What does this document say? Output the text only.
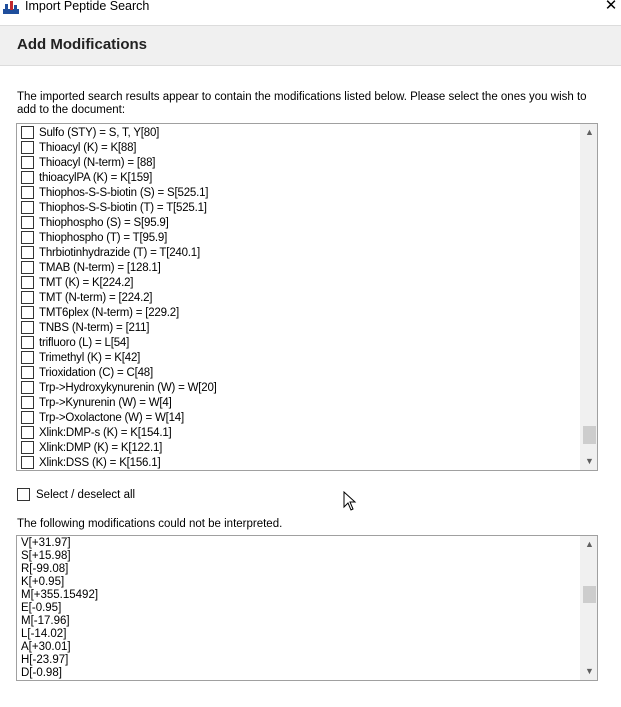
Import Peptide Search	✕
Add Modifications
The imported search results appear to contain the modifications listed below. Please select the ones you wish to add to the document:
Sulfo (STY) = S, T, Y[80]
Thioacyl (K) = K[88]
Thioacyl (N-term) = [88]
thioacylPA (K) = K[159]
Thiophos-S-S-biotin (S) = S[525.1]
Thiophos-S-S-biotin (T) = T[525.1]
Thiophospho (S) = S[95.9]
Thiophospho (T) = T[95.9]
Thrbiotinhydrazide (T) = T[240.1]
TMAB (N-term) = [128.1]
TMT (K) = K[224.2]
TMT (N-term) = [224.2]
TMT6plex (N-term) = [229.2]
TNBS (N-term) = [211]
trifluoro (L) = L[54]
Trimethyl (K) = K[42]
Trioxidation (C) = C[48]
Trp->Hydroxykynurenin (W) = W[20]
Trp->Kynurenin (W) = W[4]
Trp->Oxolactone (W) = W[14]
Xlink:DMP-s (K) = K[154.1]
Xlink:DMP (K) = K[122.1]
Xlink:DSS (K) = K[156.1]
▲
▼
Select / deselect all
The following modifications could not be interpreted.
V[+31.97]
S[+15.98]
R[-99.08]
K[+0.95]
M[+355.15492]
E[-0.95]
M[-17.96]
L[-14.02]
A[+30.01]
H[-23.97]
D[-0.98]
▲
▼
